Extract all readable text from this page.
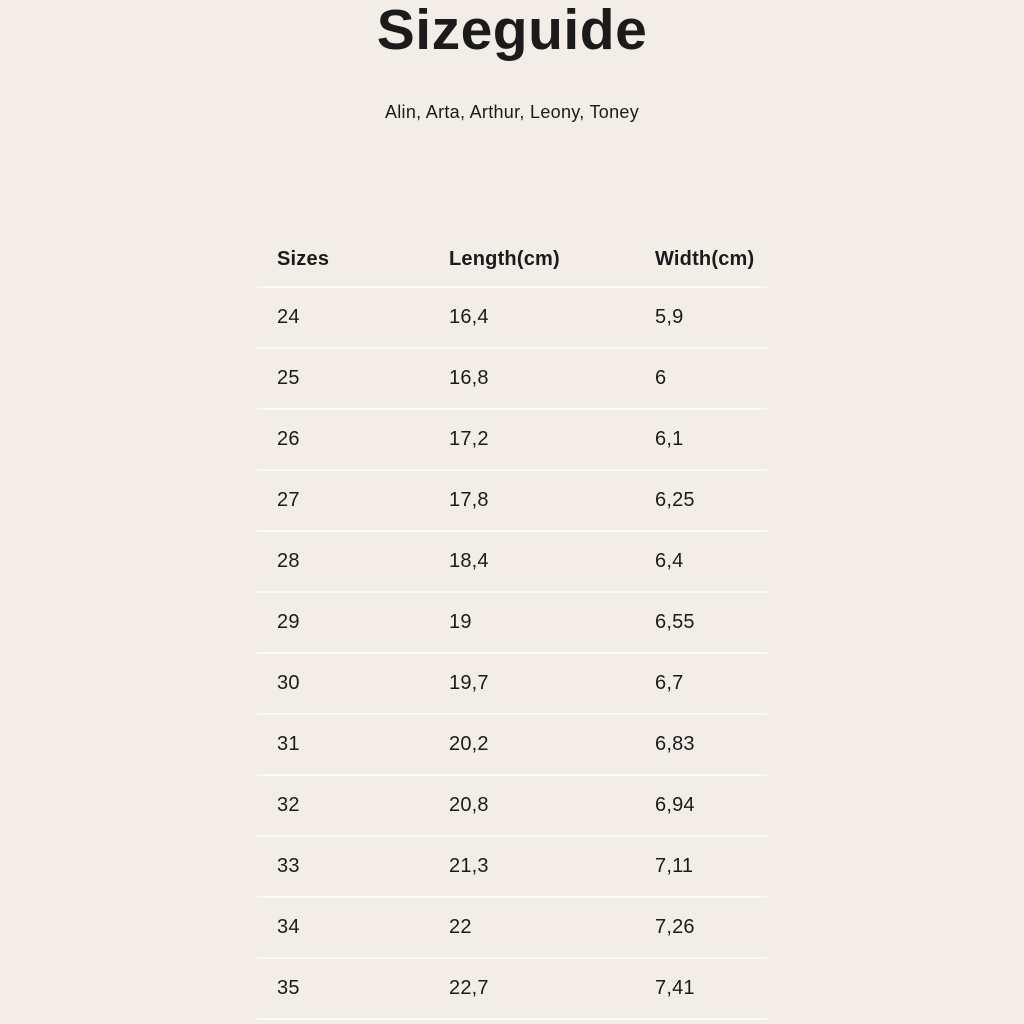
Sizeguide

Alin, Arta, Arthur, Leony, Toney

Sizes	Length(cm)	Width(cm)
24	16,4	5,9
25	16,8	6
26	17,2	6,1
27	17,8	6,25
28	18,4	6,4
29	19	6,55
30	19,7	6,7
31	20,2	6,83
32	20,8	6,94
33	21,3	7,11
34	22	7,26
35	22,7	7,41
